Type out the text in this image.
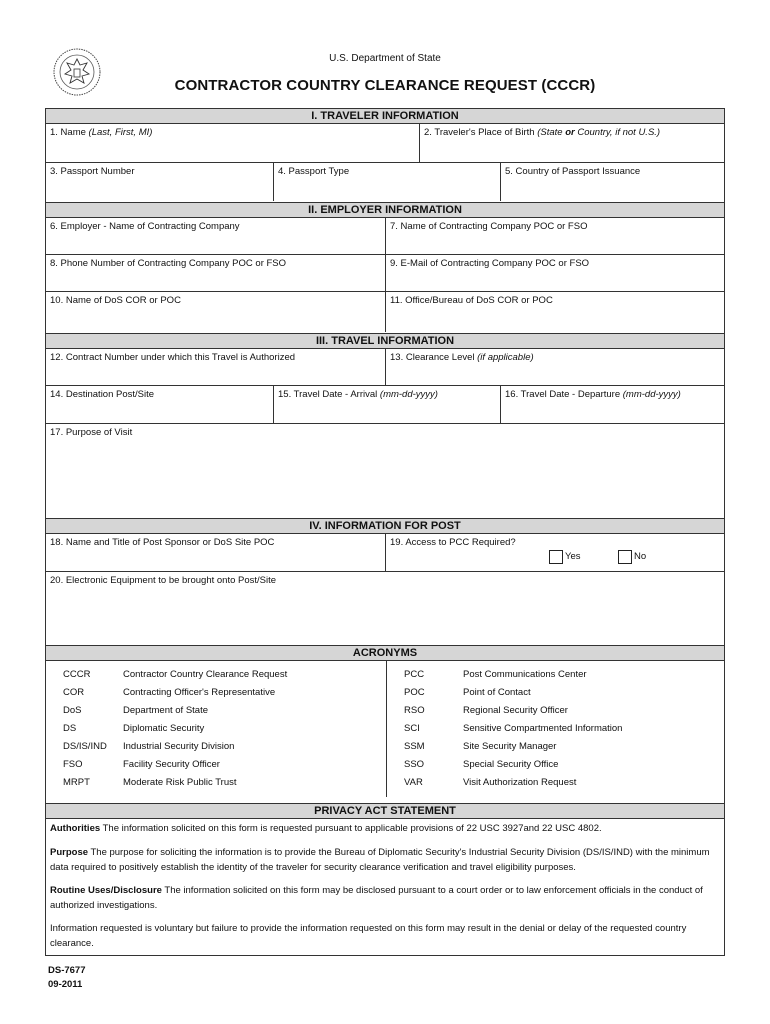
U.S. Department of State
CONTRACTOR COUNTRY CLEARANCE REQUEST (CCCR)
I. TRAVELER INFORMATION
1. Name (Last, First, MI)	2. Traveler's Place of Birth (State or Country, if not U.S.)
3. Passport Number	4. Passport Type	5. Country of Passport Issuance
II. EMPLOYER INFORMATION
6. Employer - Name of Contracting Company	7. Name of Contracting Company POC or FSO
8. Phone Number of Contracting Company POC or FSO	9. E-Mail of Contracting Company POC or FSO
10. Name of DoS COR or POC	11. Office/Bureau of DoS COR or POC
III. TRAVEL INFORMATION
12. Contract Number under which this Travel is Authorized	13. Clearance Level (if applicable)
14. Destination Post/Site	15. Travel Date - Arrival (mm-dd-yyyy)	16. Travel Date - Departure (mm-dd-yyyy)
17. Purpose of Visit
IV. INFORMATION FOR POST
18. Name and Title of Post Sponsor or DoS Site POC	19. Access to PCC Required?
Yes	No
20. Electronic Equipment to be brought onto Post/Site
ACRONYMS
CCCR	Contractor Country Clearance Request
COR	Contracting Officer's Representative
DoS	Department of State
DS	Diplomatic Security
DS/IS/IND Industrial Security Division
FSO	Facility Security Officer
MRPT	Moderate Risk Public Trust
PCC	Post Communications Center
POC	Point of Contact
RSO	Regional Security Officer
SCI	Sensitive Compartmented Information
SSM	Site Security Manager
SSO	Special Security Office
VAR	Visit Authorization Request
PRIVACY ACT STATEMENT
Authorities The information solicited on this form is requested pursuant to applicable provisions of 22 USC 3927and 22 USC 4802.
Purpose The purpose for soliciting the information is to provide the Bureau of Diplomatic Security's Industrial Security Division (DS/IS/IND) with the minimum data required to positively establish the identity of the traveler for security clearance verification and travel eligibility purposes.
Routine Uses/Disclosure The information solicited on this form may be disclosed pursuant to a court order or to law enforcement officials in the conduct of authorized investigations.
Information requested is voluntary but failure to provide the information requested on this form may result in the denial or delay of the requested country clearance.
DS-7677
09-2011
